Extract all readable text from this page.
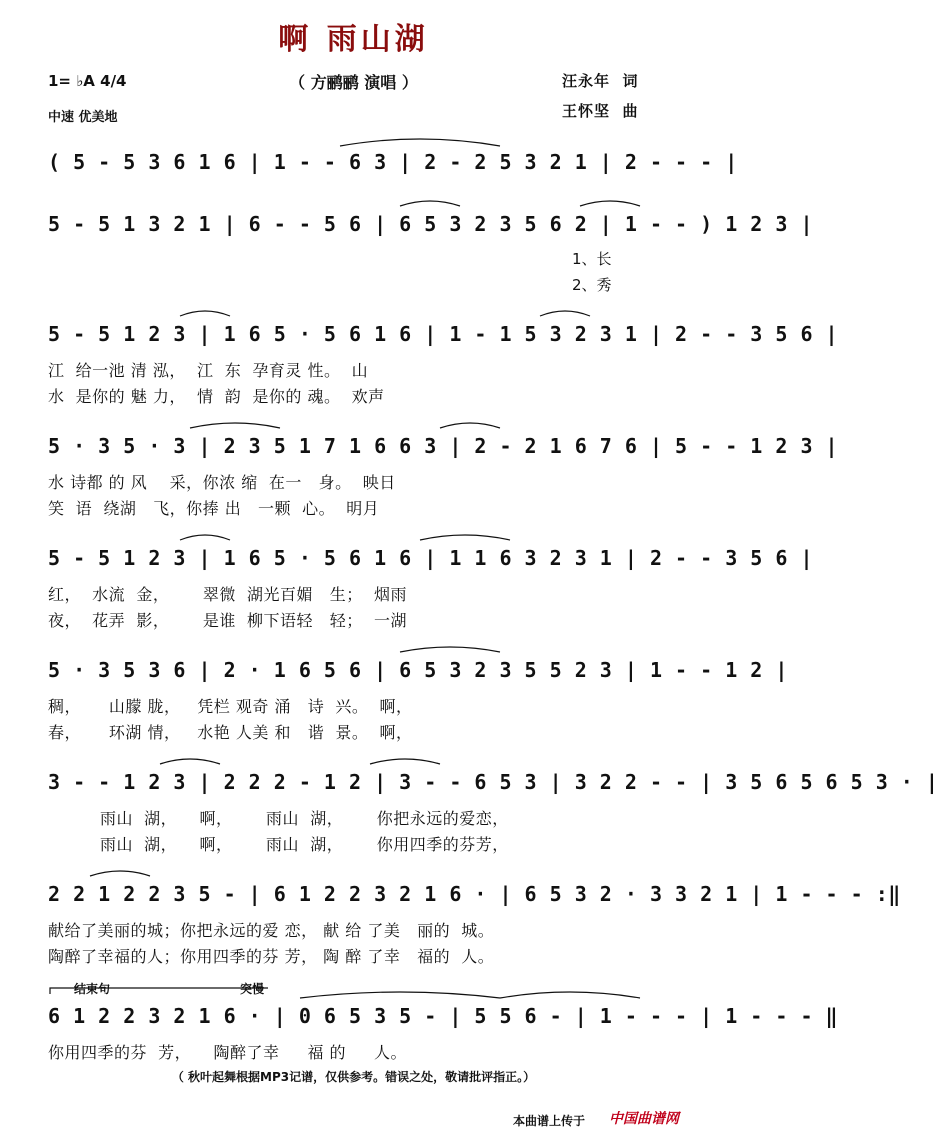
啊 雨山湖
（ 方鹂鹂 演唱 ）
1= ♭A 4/4
中速 优美地
汪永年  词
王怀坚  曲
( 5 - 5 3 6 1 6 | 1 - - 6 3 | 2 - 2 5 3 2 1 | 2 - - - |
5 - 5 1 3 2 1 | 6 - - 5 6 | 6 5 3 2 3 5 6 2 | 1 - - ) 1 2 3 |
1、长
2、秀
5 - 5 1 2 3 | 1 6 5 · 5 6 1 6 | 1 - 1 5 3 2 3 1 | 2 - - 3 5 6 |
江  给一池 清 泓，  江  东  孕育灵 性。  山
水  是你的 魅 力，  情  韵  是你的 魂。  欢声
5 · 3 5 · 3 | 2 3 5 1 7 1 6 6 3 | 2 - 2 1 6 7 6 | 5 - - 1 2 3 |
水 诗都 的 风    采，你浓 缩  在一   身。  映日
笑  语  绕湖   飞，你捧 出   一颗  心。  明月
5 - 5 1 2 3 | 1 6 5 · 5 6 1 6 | 1 1 6 3 2 3 1 | 2 - - 3 5 6 |
红，  水流  金，      翠微  湖光百媚   生；  烟雨
夜，  花弄  影，      是谁  柳下语轻   轻；  一湖
5 · 3 5 3 6 | 2 · 1 6 5 6 | 6 5 3 2 3 5 5 2 3 | 1 - - 1 2 |
稠，     山朦 胧，   凭栏 观奇 涌   诗  兴。  啊，
春，     环湖 情，   水艳 人美 和   谐  景。  啊，
3 - - 1 2 3 | 2 2 2 - 1 2 | 3 - - 6 5 3 | 3 2 2 - - | 3 5 6 5 6 5 3 · |
雨山  湖，    啊，      雨山  湖，      你把永远的爱恋，
雨山  湖，    啊，      雨山  湖，      你用四季的芬芳，
2 2 1 2 2 3 5 - | 6 1 2 2 3 2 1 6 · | 6 5 3 2 · 3 3 2 1 | 1 - - - :‖
献给了美丽的城；你把永远的爱 恋， 献 给 了美   丽的  城。
陶醉了幸福的人；你用四季的芬 芳， 陶 醉 了幸   福的  人。
结束句	突慢
6 1 2 2 3 2 1 6 · | 0 6 5 3 5 - | 5 5 6 - | 1 - - - | 1 - - - ‖
你用四季的芬  芳，    陶醉了幸     福 的     人。
（ 秋叶起舞根据MP3记谱，仅供参考。错误之处，敬请批评指正。）
本曲谱上传于 中国曲谱网
